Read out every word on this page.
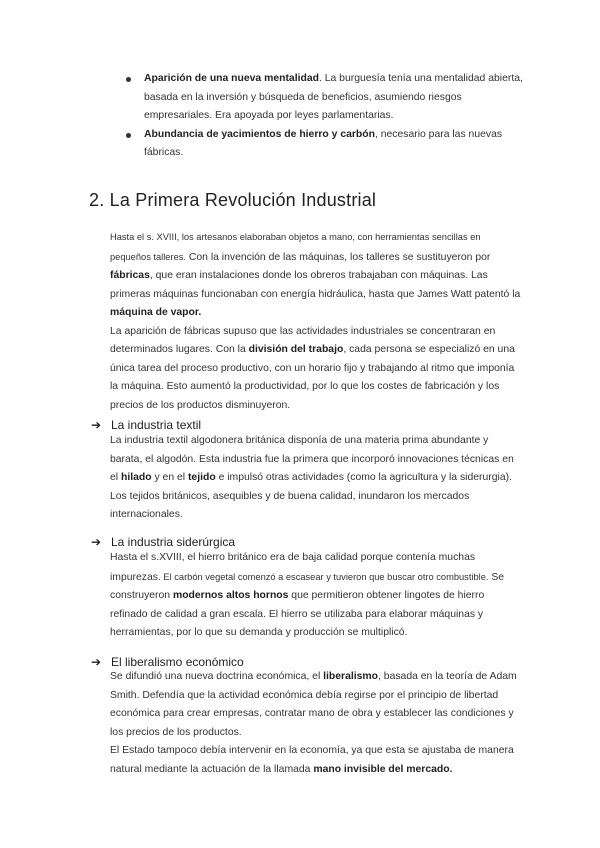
Aparición de una nueva mentalidad. La burguesía tenía una mentalidad abierta, basada en la inversión y búsqueda de beneficios, asumiendo riesgos empresariales. Era apoyada por leyes parlamentarias.
Abundancia de yacimientos de hierro y carbón, necesario para las nuevas fábricas.
2. La Primera Revolución Industrial

Hasta el s. XVIII, los artesanos elaboraban objetos a mano, con herramientas sencillas en pequeños talleres. Con la invención de las máquinas, los talleres se sustituyeron por fábricas, que eran instalaciones donde los obreros trabajaban con máquinas. Las primeras máquinas funcionaban con energía hidráulica, hasta que James Watt patentó la máquina de vapor.

La aparición de fábricas supuso que las actividades industriales se concentraran en determinados lugares. Con la división del trabajo, cada persona se especializó en una única tarea del proceso productivo, con un horario fijo y trabajando al ritmo que imponía la máquina. Esto aumentó la productividad, por lo que los costes de fabricación y los precios de los productos disminuyeron.

➔ La industria textil

La industria textil algodonera británica disponía de una materia prima abundante y barata, el algodón. Esta industria fue la primera que incorporó innovaciones técnicas en el hilado y en el tejido e impulsó otras actividades (como la agricultura y la siderurgia). Los tejidos británicos, asequibles y de buena calidad, inundaron los mercados internacionales.

➔ La industria siderúrgica

Hasta el s.XVIII, el hierro británico era de baja calidad porque contenía muchas impurezas. El carbón vegetal comenzó a escasear y tuvieron que buscar otro combustible. Se construyeron modernos altos hornos que permitieron obtener lingotes de hierro refinado de calidad a gran escala. El hierro se utilizaba para elaborar máquinas y herramientas, por lo que su demanda y producción se multiplicó.

➔ El liberalismo económico

Se difundió una nueva doctrina económica, el liberalismo, basada en la teoría de Adam Smith. Defendía que la actividad económica debía regirse por el principio de libertad económica para crear empresas, contratar mano de obra y establecer las condiciones y los precios de los productos.

El Estado tampoco debía intervenir en la economía, ya que esta se ajustaba de manera natural mediante la actuación de la llamada mano invisible del mercado.
